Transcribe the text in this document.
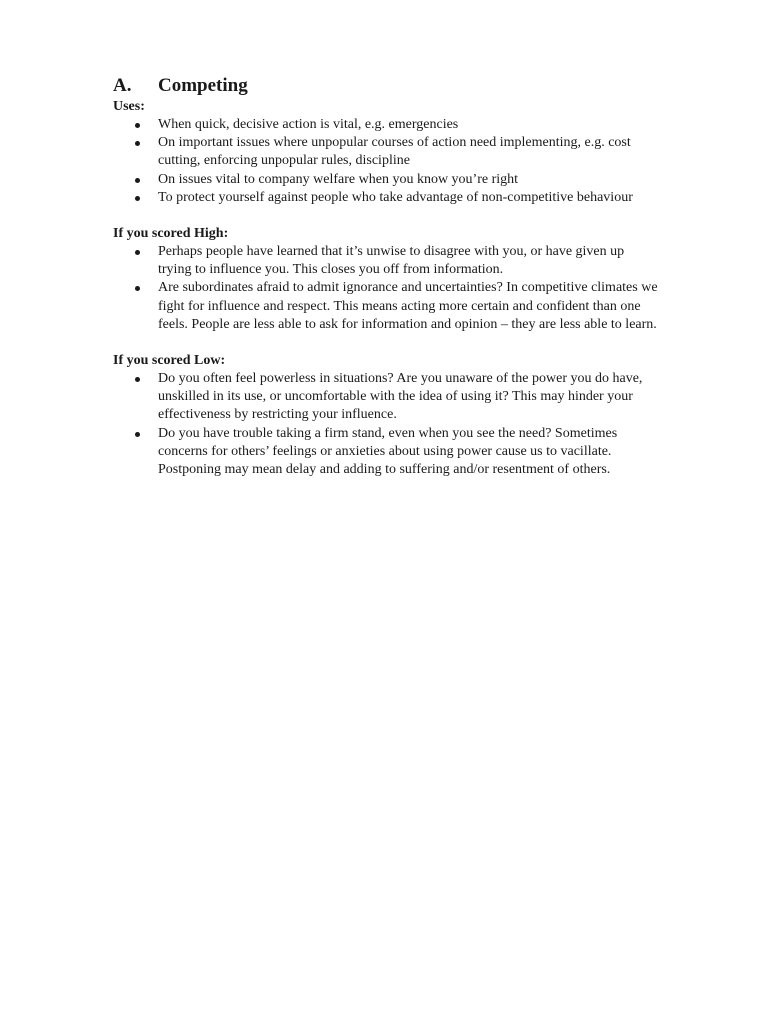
A.	Competing

Uses:

When quick, decisive action is vital, e.g. emergencies
On important issues where unpopular courses of action need implementing, e.g. cost cutting, enforcing unpopular rules, discipline
On issues vital to company welfare when you know you’re right
To protect yourself against people who take advantage of non-competitive behaviour

If you scored High:

Perhaps people have learned that it’s unwise to disagree with you, or have given up trying to influence you. This closes you off from information.
Are subordinates afraid to admit ignorance and uncertainties? In competitive climates we fight for influence and respect. This means acting more certain and confident than one feels. People are less able to ask for information and opinion – they are less able to learn.

If you scored Low:

Do you often feel powerless in situations? Are you unaware of the power you do have, unskilled in its use, or uncomfortable with the idea of using it? This may hinder your effectiveness by restricting your influence.
Do you have trouble taking a firm stand, even when you see the need? Sometimes concerns for others’ feelings or anxieties about using power cause us to vacillate. Postponing may mean delay and adding to suffering and/or resentment of others.
